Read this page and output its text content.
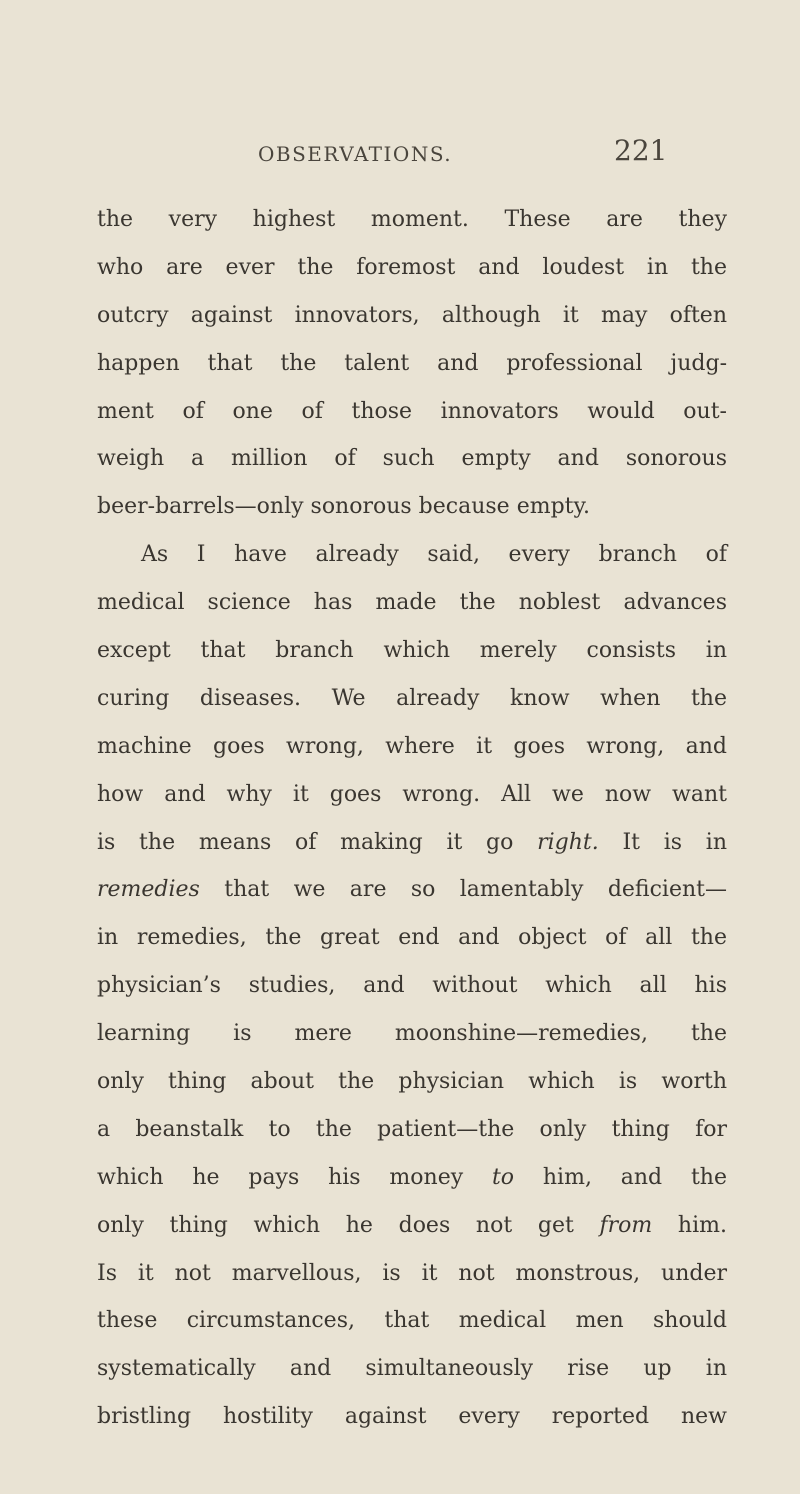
OBSERVATIONS.	221
the very highest moment. These are they
who are ever the foremost and loudest in the
outcry against innovators, although it may often
happen that the talent and professional judg-
ment of one of those innovators would out-
weigh a million of such empty and sonorous
beer-barrels—only sonorous because empty.
As I have already said, every branch of
medical science has made the noblest advances
except that branch which merely consists in
curing diseases. We already know when the
machine goes wrong, where it goes wrong, and
how and why it goes wrong. All we now want
is the means of making it go right. It is in
remedies that we are so lamentably deficient—
in remedies, the great end and object of all the
physician’s studies, and without which all his
learning is mere moonshine—remedies, the
only thing about the physician which is worth
a beanstalk to the patient—the only thing for
which he pays his money to him, and the
only thing which he does not get from him.
Is it not marvellous, is it not monstrous, under
these circumstances, that medical men should
systematically and simultaneously rise up in
bristling hostility against every reported new
